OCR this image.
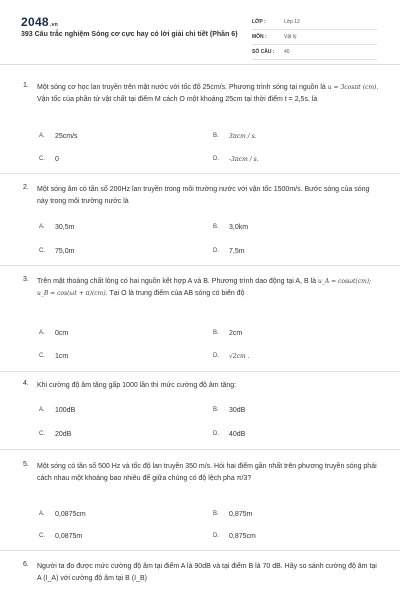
2048.vn
393 Câu trắc nghiệm Sóng cơ cực hay có lời giải chi tiết (Phần 6)
LỚP :	Lớp 12
MÔN :	Vật lý
SỐ CÂU : 40
1. Một sóng cơ học lan truyền trên mặt nước với tốc độ 25cm/s. Phương trình sóng tại nguồn là u = 3cosπt (cm). Vận tốc của phần tử vật chất tại điểm M cách O một khoảng 25cm tại thời điểm t = 2,5s. là
A. 25cm/s	B. 3πcm / s.
C. 0	D. -3πcm / s.
2. Một sóng âm có tần số 200Hz lan truyền trong môi trường nước với vận tốc 1500m/s. Bước sóng của sóng này trong môi trường nước là
A. 30,5m	B. 3,0km
C. 75,0m	D. 7,5m
3. Trên mặt thoáng chất lỏng có hai nguồn kết hợp A và B. Phương trình dao động tại A, B là u_A = cosωt(cm); u_B = cos(ωt + π)(cm). Tại O là trung điểm của AB sóng có biên độ
A. 0cm	B. 2cm
C. 1cm	D. √2cm .
4. Khi cường độ âm tăng gấp 1000 lần thì mức cường độ âm tăng:
A. 100dB	B. 30dB
C. 20dB	D. 40dB
5. Một sóng có tần số 500 Hz và tốc độ lan truyền 350 m/s. Hỏi hai điểm gần nhất trên phương truyền sóng phải cách nhau một khoảng bao nhiêu để giữa chúng có độ lệch pha π/3?
A. 0,0875cm	B. 0,875m
C. 0,0875m	D. 0,875cm
6. Người ta đo được mức cường độ âm tại điểm A là 90dB và tại điểm B là 70 dB. Hãy so sánh cường độ âm tại A (I_A) với cường độ âm tại B (I_B)
